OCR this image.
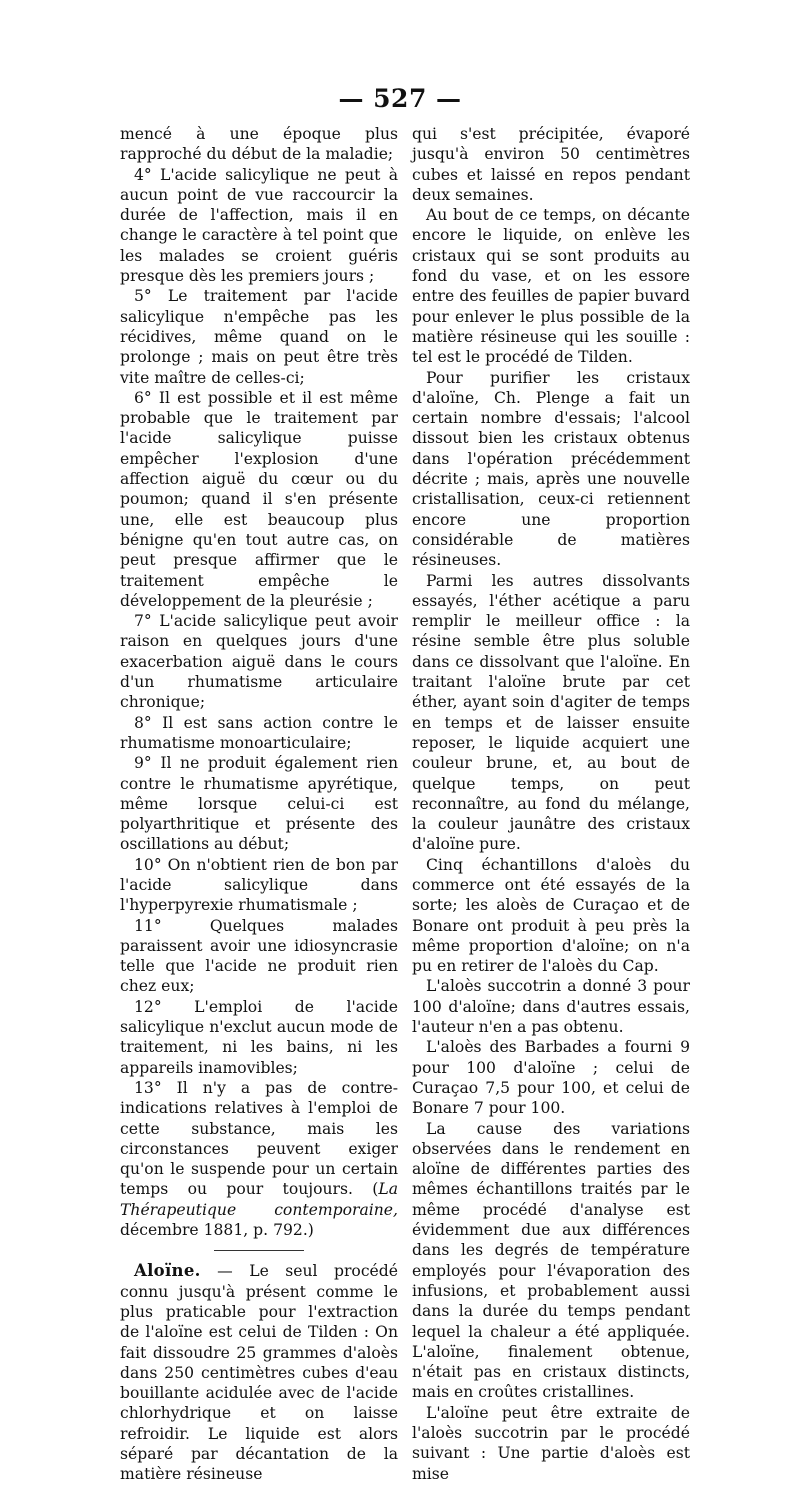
— 527 —

mencé à une époque plus rapproché du début de la maladie;

4° L'acide salicylique ne peut à aucun point de vue raccourcir la durée de l'affection, mais il en change le caractère à tel point que les malades se croient guéris presque dès les premiers jours ;

5° Le traitement par l'acide salicylique n'empêche pas les récidives, même quand on le prolonge ; mais on peut être très vite maître de celles-ci;

6° Il est possible et il est même probable que le traitement par l'acide salicylique puisse empêcher l'explosion d'une affection aiguë du cœur ou du poumon; quand il s'en présente une, elle est beaucoup plus bénigne qu'en tout autre cas, on peut presque affirmer que le traitement empêche le développement de la pleurésie ;

7° L'acide salicylique peut avoir raison en quelques jours d'une exacerbation aiguë dans le cours d'un rhumatisme articulaire chronique;

8° Il est sans action contre le rhumatisme monoarticulaire;

9° Il ne produit également rien contre le rhumatisme apyrétique, même lorsque celui-ci est polyarthritique et présente des oscillations au début;

10° On n'obtient rien de bon par l'acide salicylique dans l'hyperpyrexie rhumatismale ;

11° Quelques malades paraissent avoir une idiosyncrasie telle que l'acide ne produit rien chez eux;

12° L'emploi de l'acide salicylique n'exclut aucun mode de traitement, ni les bains, ni les appareils inamovibles;

13° Il n'y a pas de contre-indications relatives à l'emploi de cette substance, mais les circonstances peuvent exiger qu'on le suspende pour un certain temps ou pour toujours. (La Thérapeutique contemporaine, décembre 1881, p. 792.)

Aloïne. — Le seul procédé connu jusqu'à présent comme le plus praticable pour l'extraction de l'aloïne est celui de Tilden : On fait dissoudre 25 grammes d'aloès dans 250 centimètres cubes d'eau bouillante acidulée avec de l'acide chlorhydrique et on laisse refroidir. Le liquide est alors séparé par décantation de la matière résineuse

qui s'est précipitée, évaporé jusqu'à environ 50 centimètres cubes et laissé en repos pendant deux semaines.

Au bout de ce temps, on décante encore le liquide, on enlève les cristaux qui se sont produits au fond du vase, et on les essore entre des feuilles de papier buvard pour enlever le plus possible de la matière résineuse qui les souille : tel est le procédé de Tilden.

Pour purifier les cristaux d'aloïne, Ch. Plenge a fait un certain nombre d'essais; l'alcool dissout bien les cristaux obtenus dans l'opération précédemment décrite ; mais, après une nouvelle cristallisation, ceux-ci retiennent encore une proportion considérable de matières résineuses.

Parmi les autres dissolvants essayés, l'éther acétique a paru remplir le meilleur office : la résine semble être plus soluble dans ce dissolvant que l'aloïne. En traitant l'aloïne brute par cet éther, ayant soin d'agiter de temps en temps et de laisser ensuite reposer, le liquide acquiert une couleur brune, et, au bout de quelque temps, on peut reconnaître, au fond du mélange, la couleur jaunâtre des cristaux d'aloïne pure.

Cinq échantillons d'aloès du commerce ont été essayés de la sorte; les aloès de Curaçao et de Bonare ont produit à peu près la même proportion d'aloïne; on n'a pu en retirer de l'aloès du Cap.

L'aloès succotrin a donné 3 pour 100 d'aloïne; dans d'autres essais, l'auteur n'en a pas obtenu.

L'aloès des Barbades a fourni 9 pour 100 d'aloïne ; celui de Curaçao 7,5 pour 100, et celui de Bonare 7 pour 100.

La cause des variations observées dans le rendement en aloïne de différentes parties des mêmes échantillons traités par le même procédé d'analyse est évidemment due aux différences dans les degrés de température employés pour l'évaporation des infusions, et probablement aussi dans la durée du temps pendant lequel la chaleur a été appliquée. L'aloïne, finalement obtenue, n'était pas en cristaux distincts, mais en croûtes cristallines.

L'aloïne peut être extraite de l'aloès succotrin par le procédé suivant : Une partie d'aloès est mise
